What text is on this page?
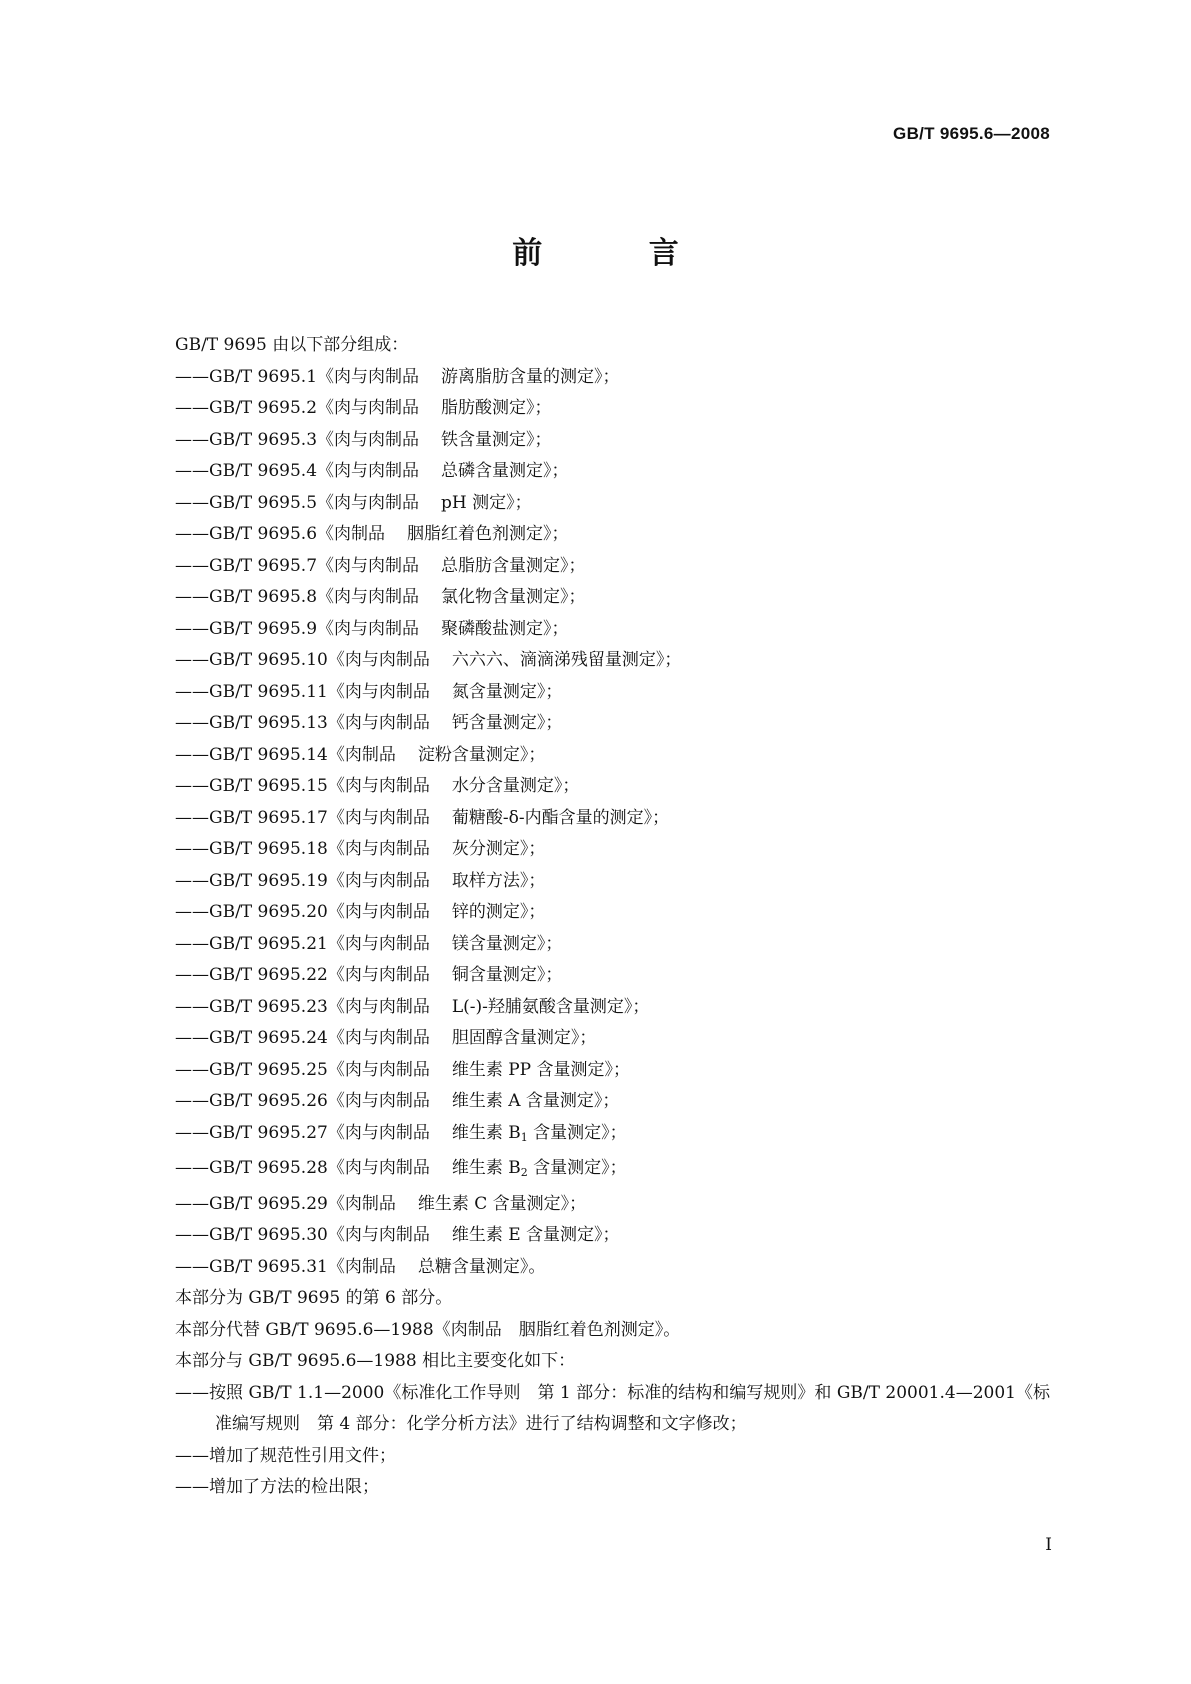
GB/T 9695.6—2008
前 言
GB/T 9695 由以下部分组成：
——GB/T 9695.1《肉与肉制品 游离脂肪含量的测定》；
——GB/T 9695.2《肉与肉制品 脂肪酸测定》；
——GB/T 9695.3《肉与肉制品 铁含量测定》；
——GB/T 9695.4《肉与肉制品 总磷含量测定》；
——GB/T 9695.5《肉与肉制品 pH 测定》；
——GB/T 9695.6《肉制品 胭脂红着色剂测定》；
——GB/T 9695.7《肉与肉制品 总脂肪含量测定》；
——GB/T 9695.8《肉与肉制品 氯化物含量测定》；
——GB/T 9695.9《肉与肉制品 聚磷酸盐测定》；
——GB/T 9695.10《肉与肉制品 六六六、滴滴涕残留量测定》；
——GB/T 9695.11《肉与肉制品 氮含量测定》；
——GB/T 9695.13《肉与肉制品 钙含量测定》；
——GB/T 9695.14《肉制品 淀粉含量测定》；
——GB/T 9695.15《肉与肉制品 水分含量测定》；
——GB/T 9695.17《肉与肉制品 葡糖酸-δ-内酯含量的测定》；
——GB/T 9695.18《肉与肉制品 灰分测定》；
——GB/T 9695.19《肉与肉制品 取样方法》；
——GB/T 9695.20《肉与肉制品 锌的测定》；
——GB/T 9695.21《肉与肉制品 镁含量测定》；
——GB/T 9695.22《肉与肉制品 铜含量测定》；
——GB/T 9695.23《肉与肉制品 L(-)-羟脯氨酸含量测定》；
——GB/T 9695.24《肉与肉制品 胆固醇含量测定》；
——GB/T 9695.25《肉与肉制品 维生素 PP 含量测定》；
——GB/T 9695.26《肉与肉制品 维生素 A 含量测定》；
——GB/T 9695.27《肉与肉制品 维生素 $B_1$ 含量测定》；
——GB/T 9695.28《肉与肉制品 维生素 $B_2$ 含量测定》；
——GB/T 9695.29《肉制品 维生素 C 含量测定》；
——GB/T 9695.30《肉与肉制品 维生素 E 含量测定》；
——GB/T 9695.31《肉制品 总糖含量测定》。
本部分为 GB/T 9695 的第 6 部分。
本部分代替 GB/T 9695.6—1988《肉制品　胭脂红着色剂测定》。
本部分与 GB/T 9695.6—1988 相比主要变化如下：
——按照 GB/T 1.1—2000《标准化工作导则　第 1 部分：标准的结构和编写规则》和 GB/T 20001.4—2001《标准编写规则　第 4 部分：化学分析方法》进行了结构调整和文字修改；
——增加了规范性引用文件；
——增加了方法的检出限；
I
